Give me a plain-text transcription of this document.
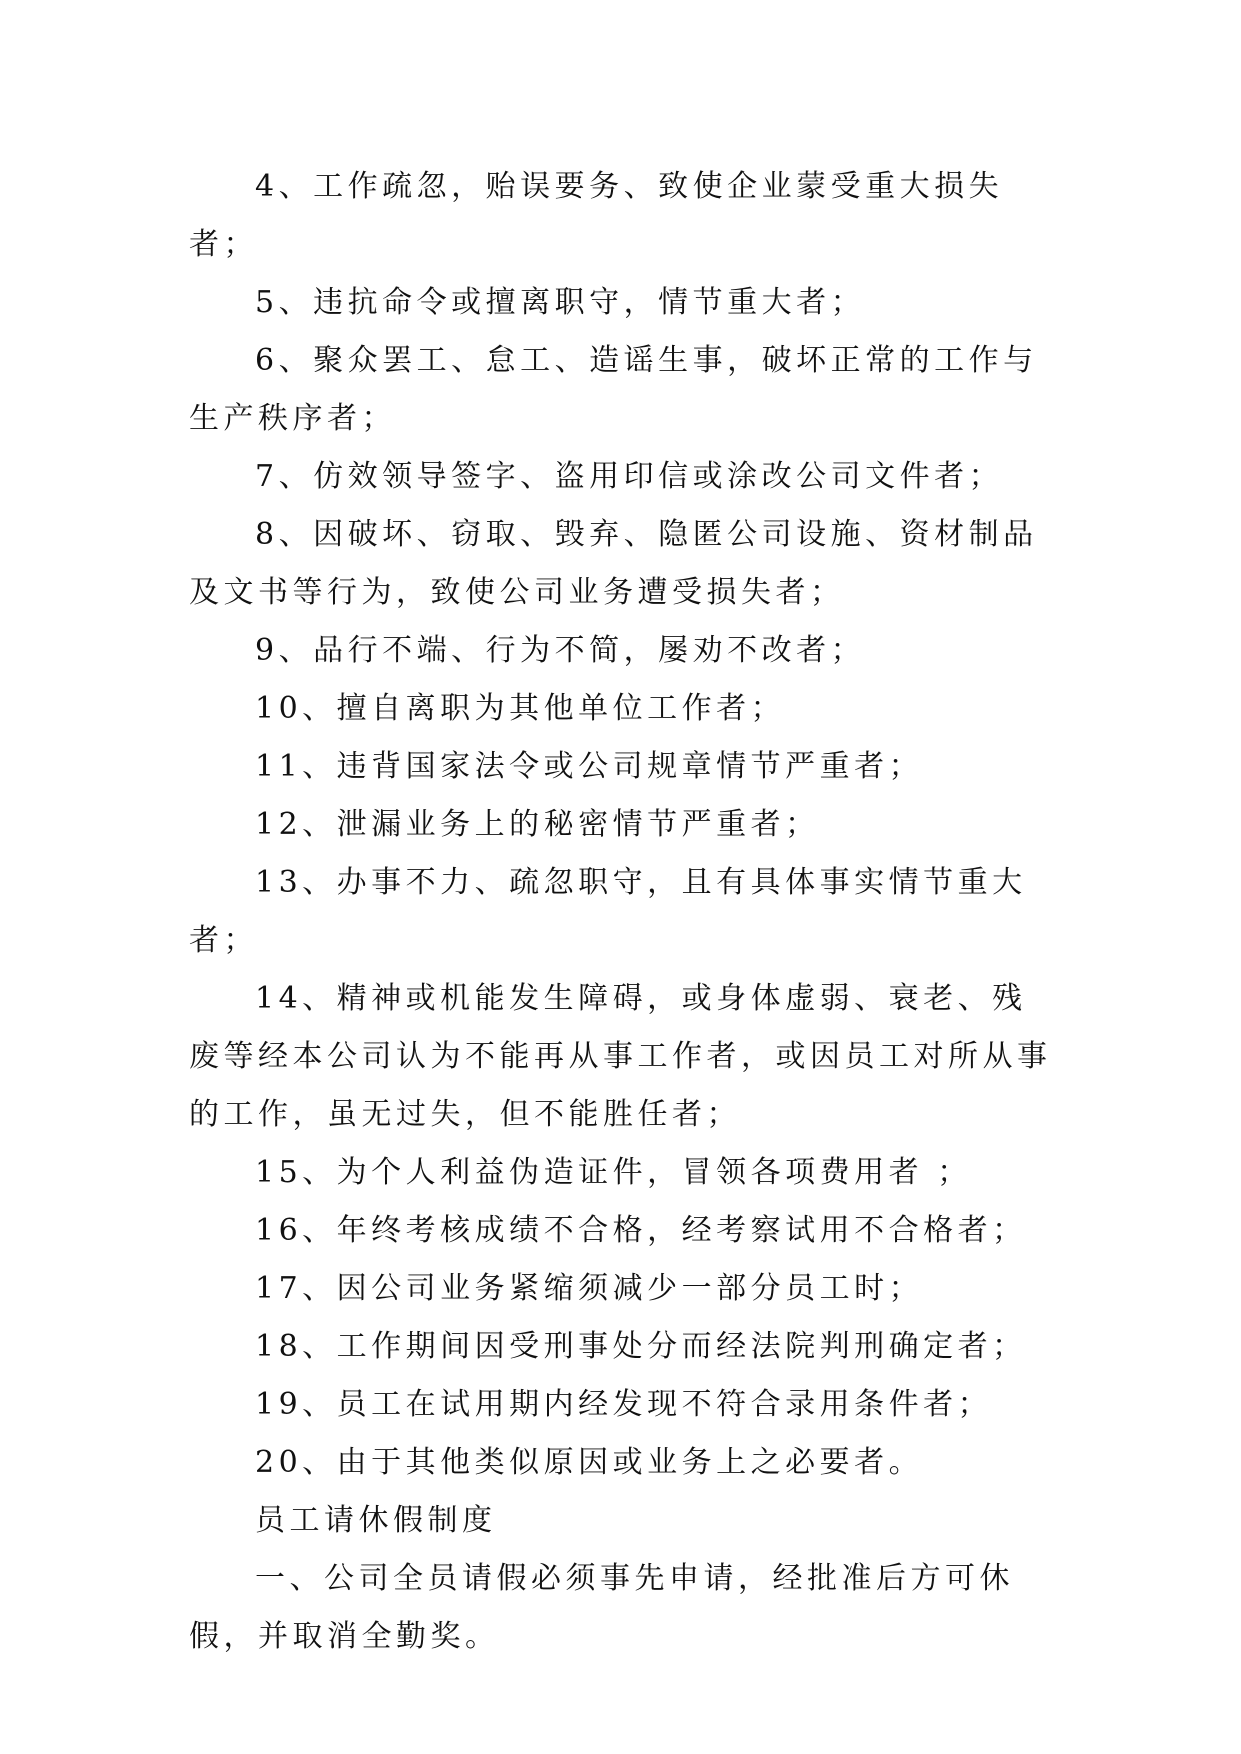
4、工作疏忽，贻误要务、致使企业蒙受重大损失者；

5、违抗命令或擅离职守，情节重大者；

6、聚众罢工、怠工、造谣生事，破坏正常的工作与生产秩序者；

7、仿效领导签字、盗用印信或涂改公司文件者；

8、因破坏、窃取、毁弃、隐匿公司设施、资材制品及文书等行为，致使公司业务遭受损失者；

9、品行不端、行为不简，屡劝不改者；

10、擅自离职为其他单位工作者；

11、违背国家法令或公司规章情节严重者；

12、泄漏业务上的秘密情节严重者；

13、办事不力、疏忽职守，且有具体事实情节重大者；

14、精神或机能发生障碍，或身体虚弱、衰老、残废等经本公司认为不能再从事工作者，或因员工对所从事的工作，虽无过失，但不能胜任者；

15、为个人利益伪造证件，冒领各项费用者 ；

16、年终考核成绩不合格，经考察试用不合格者；

17、因公司业务紧缩须减少一部分员工时；

18、工作期间因受刑事处分而经法院判刑确定者；

19、员工在试用期内经发现不符合录用条件者；

20、由于其他类似原因或业务上之必要者。

员工请休假制度

一、公司全员请假必须事先申请，经批准后方可休假，并取消全勤奖。
